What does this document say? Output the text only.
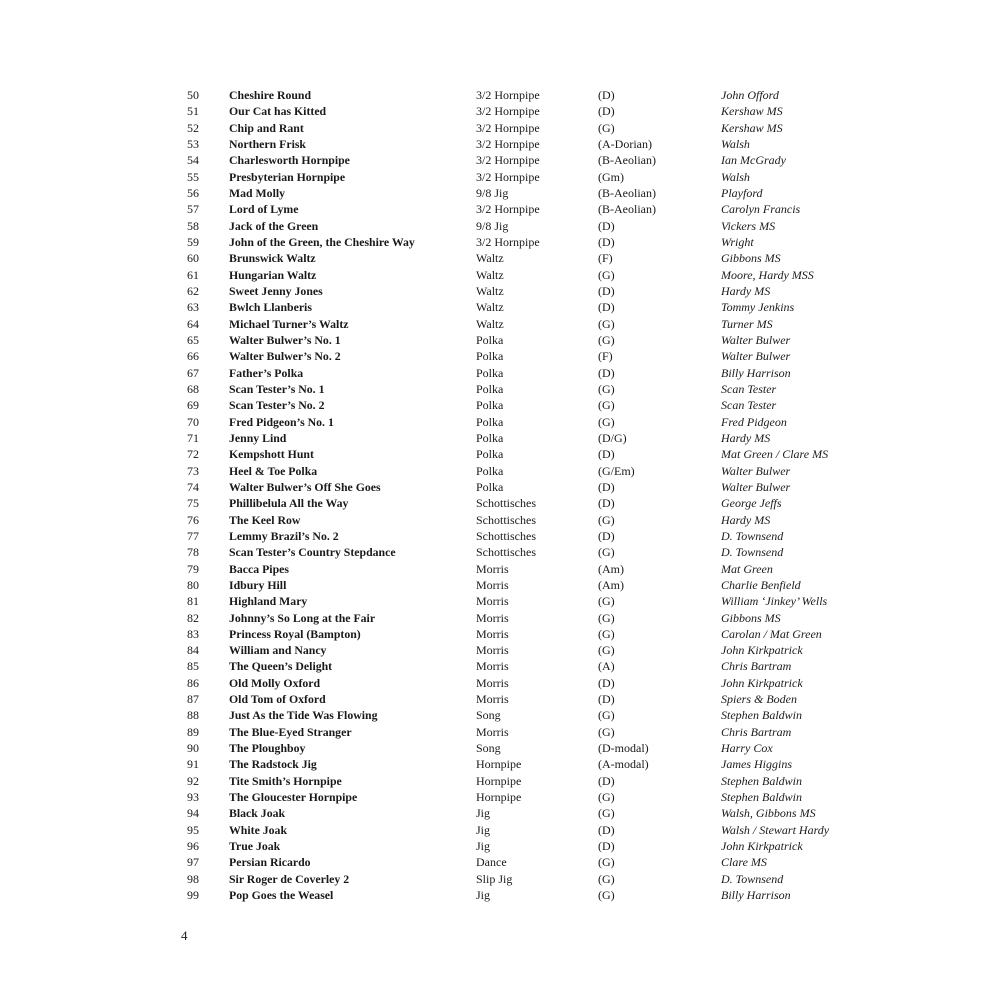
50	Cheshire Round	3/2 Hornpipe	(D)	John Offord
51	Our Cat has Kitted	3/2 Hornpipe	(D)	Kershaw MS
52	Chip and Rant	3/2 Hornpipe	(G)	Kershaw MS
53	Northern Frisk	3/2 Hornpipe	(A-Dorian)	Walsh
54	Charlesworth Hornpipe	3/2 Hornpipe	(B-Aeolian)	Ian McGrady
55	Presbyterian Hornpipe	3/2 Hornpipe	(Gm)	Walsh
56	Mad Molly	9/8 Jig	(B-Aeolian)	Playford
57	Lord of Lyme	3/2 Hornpipe	(B-Aeolian)	Carolyn Francis
58	Jack of the Green	9/8 Jig	(D)	Vickers MS
59	John of the Green, the Cheshire Way	3/2 Hornpipe	(D)	Wright
60	Brunswick Waltz	Waltz	(F)	Gibbons MS
61	Hungarian Waltz	Waltz	(G)	Moore, Hardy MSS
62	Sweet Jenny Jones	Waltz	(D)	Hardy MS
63	Bwlch Llanberis	Waltz	(D)	Tommy Jenkins
64	Michael Turner’s Waltz	Waltz	(G)	Turner MS
65	Walter Bulwer’s No. 1	Polka	(G)	Walter Bulwer
66	Walter Bulwer’s No. 2	Polka	(F)	Walter Bulwer
67	Father’s Polka	Polka	(D)	Billy Harrison
68	Scan Tester’s No. 1	Polka	(G)	Scan Tester
69	Scan Tester’s No. 2	Polka	(G)	Scan Tester
70	Fred Pidgeon’s No. 1	Polka	(G)	Fred Pidgeon
71	Jenny Lind	Polka	(D/G)	Hardy MS
72	Kempshott Hunt	Polka	(D)	Mat Green / Clare MS
73	Heel & Toe Polka	Polka	(G/Em)	Walter Bulwer
74	Walter Bulwer’s Off She Goes	Polka	(D)	Walter Bulwer
75	Phillibelula All the Way	Schottisches	(D)	George Jeffs
76	The Keel Row	Schottisches	(G)	Hardy MS
77	Lemmy Brazil’s No. 2	Schottisches	(D)	D. Townsend
78	Scan Tester’s Country Stepdance	Schottisches	(G)	D. Townsend
79	Bacca Pipes	Morris	(Am)	Mat Green
80	Idbury Hill	Morris	(Am)	Charlie Benfield
81	Highland Mary	Morris	(G)	William ‘Jinkey’ Wells
82	Johnny’s So Long at the Fair	Morris	(G)	Gibbons MS
83	Princess Royal (Bampton)	Morris	(G)	Carolan / Mat Green
84	William and Nancy	Morris	(G)	John Kirkpatrick
85	The Queen’s Delight	Morris	(A)	Chris Bartram
86	Old Molly Oxford	Morris	(D)	John Kirkpatrick
87	Old Tom of Oxford	Morris	(D)	Spiers & Boden
88	Just As the Tide Was Flowing	Song	(G)	Stephen Baldwin
89	The Blue-Eyed Stranger	Morris	(G)	Chris Bartram
90	The Ploughboy	Song	(D-modal)	Harry Cox
91	The Radstock Jig	Hornpipe	(A-modal)	James Higgins
92	Tite Smith’s Hornpipe	Hornpipe	(D)	Stephen Baldwin
93	The Gloucester Hornpipe	Hornpipe	(G)	Stephen Baldwin
94	Black Joak	Jig	(G)	Walsh, Gibbons MS
95	White Joak	Jig	(D)	Walsh / Stewart Hardy
96	True Joak	Jig	(D)	John Kirkpatrick
97	Persian Ricardo	Dance	(G)	Clare MS
98	Sir Roger de Coverley 2	Slip Jig	(G)	D. Townsend
99	Pop Goes the Weasel	Jig	(G)	Billy Harrison
4
